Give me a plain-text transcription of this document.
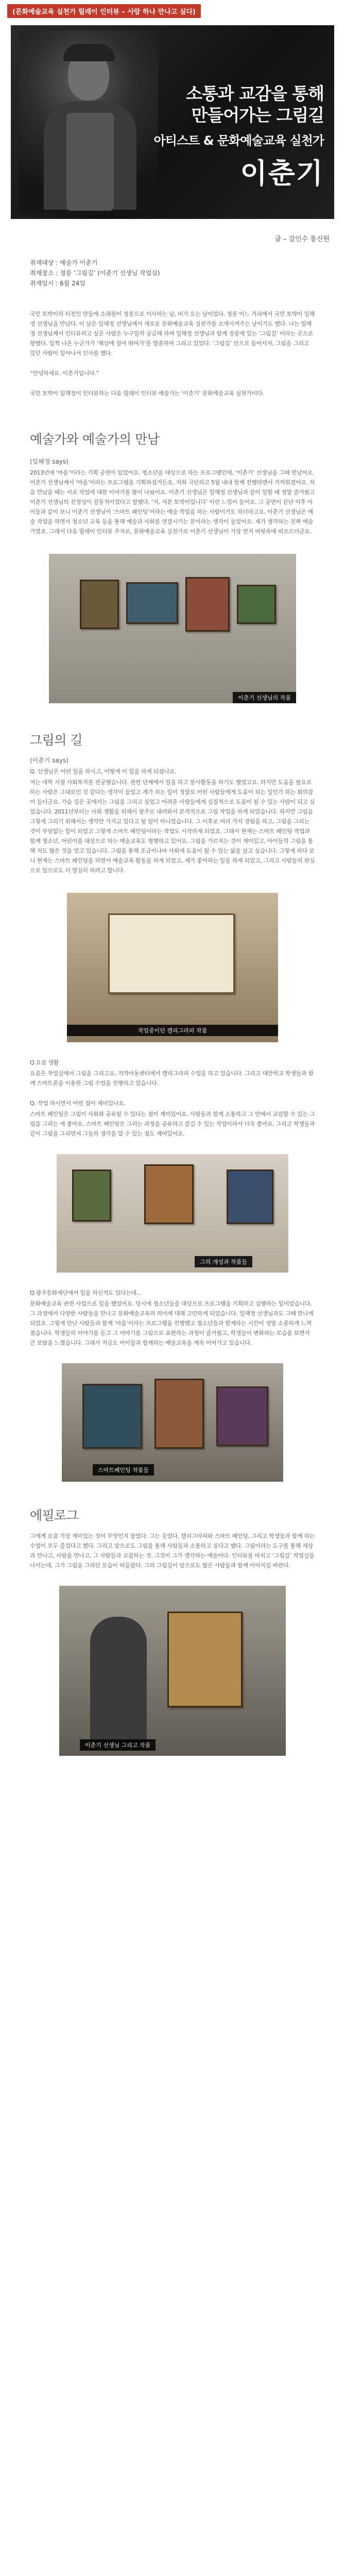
(문화예술교육 실천가 릴레이 인터뷰 – 사람 하나 만나고 싶다)
소통과 교감을 통해
만들어가는 그림길
아티스트 & 문화예술교육 실천가
이춘기
글 – 강인수 통신원
취재대상 : 예술가 이춘기
취재장소 : 정릉 ‘그림길’ (이춘기 선생님 작업실)
취재일시 : 6월 24일
국민 토박이의 터전인 만들에 소래원이 정릉으로 이사하는 날, 비가 오는 날이었다. 정릉 어느 거리에서 국민 토박이 일해정 선생님을 만났다. 이 날은 일해정 선생님께서 새로운 문화예술교육 실천가를 소개시켜주는 날이기도 했다. 나는 일해정 선생님께서 인터뷰하고 싶은 사람은 누구일까 궁금해 하며 일해정 선생님과 함께 정릉에 있는 ‘그림길’ 이라는 곳으로 향했다. 일찍 나온 누군가가 ‘해상에 걸어 뛰어가’를 열중하며 그리고 있었다. ‘그림길’ 안으로 들어서자, 그림을 그리고 있던 사람이 일어나서 인사를 했다.
“안녕하세요. 이춘기입니다.”
국민 토박이 일해정이 인터뷰하는 다음 릴레이 인터뷰 예술가는 ‘이춘기’ 문화예술교육 실천가이다.
예술가와 예술가의 만남
(일해정 says)
2013년에 ‘마을’이라는 기획 공연이 있었어요. 청소년을 대상으로 하는 프로그램인데, ‘이춘기’ 선생님을 그때 만났어요. 이춘기 선생님께서 ‘마을’이라는 프로그램을 기획하셨거든요. 저희 극단하고 5월 내내 함께 진행하면서 가까워졌어요. 처음 만났을 때는 서로 작업에 대한 이야기를 많이 나눴어요. 이춘기 선생님은 일해정 선생님과 같이 일할 때 정말 즐거웠고 이춘기 선생님의 진정성이 감동적이었다고 말했다. ‘저, 저분 토박이입니다’ 이런 느낌이 들어요. 그 공연이 끝난 이후 아이들과 같이 보니 이춘기 선생님이 ‘스마트 패인팅’이라는 예술 작업을 하는 사람이기도 하더라고요. 이춘기 선생님은 예술 작업을 하면서 청소년 교육 등을 통해 예술과 사회를 연결시키는 분이라는 생각이 들었어요. 제가 생각하는 진짜 예술가였죠. 그래서 다음 릴레이 인터뷰 주자로, 문화예술교육 실천가로 이춘기 선생님이 가장 먼저 머릿속에 떠오르더군요.
이춘기 선생님의 작품
그림의 길
(이춘기 says)
Q. 선생님은 어떤 일을 하시고, 어떻게 이 일을 하게 되셨나요.
저는 대학 시절 사회복지를 전공했습니다. 관련 단체에서 일을 하고 봉사활동을 하기도 했었고요. 하지만 도움을 필요로 하는 사람은 그대로인 것 같다는 생각이 들었고 계가 하는 일이 정말로 어떤 사람들에게 도움이 되는 일인가 하는 회의감이 들더군요. 가슴 깊은 곳에서는 그림을 그리고 싶었고 어려운 사람들에게 실질적으로 도움이 될 수 있는 사람이 되고 싶었습니다. 2011년부터는 사회 생활을 위해서 광주로 내려와서 본격적으로 그림 작업을 하게 되었습니다. 하지만 그림을 그렇게 그리기 위해서는 생각만 가지고 있다고 될 일이 아니었습니다. 그 이후로 여러 가지 경험을 하고, 그림을 그리는 것이 부담없는 일이 되었고 그렇게 스마트 페인팅이라는 작업도 시작하게 되었죠. 그래서 현재는 스마트 페인팅 작업과 함께 청소년, 어린이를 대상으로 하는 예술교육도 병행하고 있어요. 그림을 가르치는 것이 재미있고, 아이들의 그림을 통해 저도 많은 것을 얻고 있습니다. 그림을 통해 조금이나마 사회에 도움이 될 수 있는 삶을 살고 싶습니다. 그렇게 하다 보니 현재는 스마트 페인팅을 하면서 예술교육 활동을 하게 되었고, 제가 좋아하는 일을 하게 되었고, 그리고 사람들의 관심으로 앞으로도 더 열심히 하려고 합니다.
작업중이던 캘리그라피 작품
Q.요즘 생활
요즘은 작업실에서 그림을 그리고요, 지역아동센터에서 캘리그라피 수업을 하고 있습니다. 그리고 대안학교 학생들과 함께 스마트폰을 이용한 그림 수업을 진행하고 있습니다.
Q. 작업 하시면서 어떤 점이 재미있나요.
스마트 페인팅은 그림이 사회와 공유될 수 있다는 점이 재미있어요. 사람들과 함께 소통하고 그 안에서 교감할 수 있는 그림을 그리는 게 좋아요. 스마트 페인팅은 그리는 과정을 공유하고 즐길 수 있는 작업이라서 더욱 좋아요. 그리고 학생들과 같이 그림을 그리면서 그들의 생각을 알 수 있는 점도 재미있어요.
그의 개성과 작품들
Q.광주문화재단에서 일을 하신적도 있다는데...
문화예술교육 관련 사업으로 일을 했었어요. 당시에 청소년들을 대상으로 프로그램을 기획하고 실행하는 일이었습니다. 그 과정에서 다양한 사람들을 만나고 문화예술교육의 의미에 대해 고민하게 되었습니다. 일해정 선생님과도 그때 만나게 되었죠. 그렇게 만난 사람들과 함께 ‘마을’이라는 프로그램을 진행했고 청소년들과 함께하는 시간이 정말 소중하게 느껴졌습니다. 학생들의 이야기를 듣고 그 이야기를 그림으로 표현하는 과정이 즐거웠고, 학생들이 변화하는 모습을 보면서 큰 보람을 느꼈습니다. 그래서 지금도 아이들과 함께하는 예술교육을 계속 이어가고 있습니다.
스마트페인팅 작품들
에필로그
그에게 요즘 가장 재미있는 것이 무엇인지 물었다. 그는 웃었다. 캘리그라피와 스마트 페인팅, 그리고 학생들과 함께 하는 수업이 모두 즐겁다고 했다. 그리고 앞으로도 그림을 통해 사람들과 소통하고 싶다고 했다. 그림이라는 도구를 통해 세상과 만나고, 사람을 만나고, 그 사람들과 교감하는 것. 그것이 그가 생각하는 예술이다. 인터뷰를 마치고 ‘그림길’ 작업실을 나서는데, 그가 그림을 그리던 모습이 떠올랐다. 그의 그림길이 앞으로도 많은 사람들과 함께 이어지길 바란다.
이춘기 선생님 그리고 작품
